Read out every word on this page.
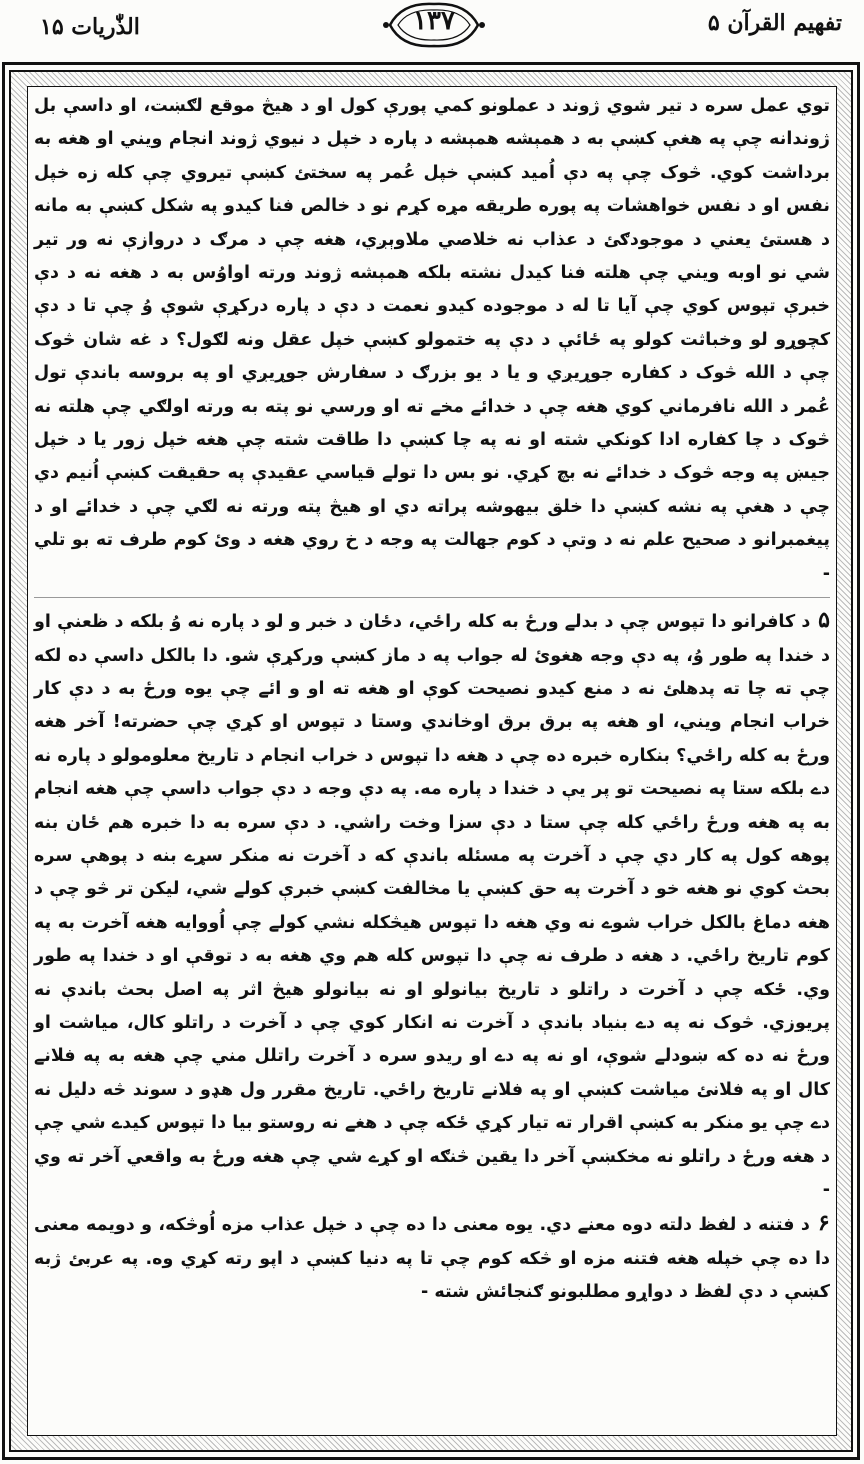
الذّٰريات ۱۵	۱۳۷	تفهيم القرآن ۵

توي عمل سره د تير شوي ژوند د عملونو کمي پورې کول او د هيڅ موقع لګښت، او داسې بل ژوندانه چې په هغې کښې به د همېشه همېشه د پاره د خپل د نيوي ژوند انجام ويني او هغه به برداشت کوي. څوک چې په دې اُميد کښې خپل عُمر په سختئ کښې تيروي چې کله زه خپل نفس او د نفس خواهشات په پوره طريقه مړه کړم نو د خالص فنا کيدو په شکل کښې به مانه د هستئ يعني د موجودګئ د عذاب نه خلاصي ملاوېږي، هغه چې د مرګ د دروازې نه ور تير شي نو اوبه ويني چې هلته فنا کيدل نشته بلکه همېشه ژوند ورته اواوُس به د هغه نه د دې خبرې تپوس کوي چې آيا تا له د موجوده کيدو نعمت د دې د پاره درکړې شوې وُ چې تا د دې کچوړو لو وخباثت کولو په ځائې د دې په ختمولو کښې خپل عقل ونه لګول؟ د غه شان څوک چې د الله څوک د کفاره جوړيږي و يا د يو بزرګ د سفارش جوړيږي او په بروسه باندې تول عُمر د الله نافرماني کوي هغه چې د خدائے مخے ته او ورسي نو پته به ورته اولګي چې هلته نه څوک د چا کفاره ادا کونکي شته او نه په چا کښې دا طاقت شته چې هغه خپل زور يا د خپل جيښ په وجه څوک د خدائے نه بچ کړي. نو بس دا تولے قياسي عقيدې په حقيقت کښې اُنيم دي چې د هغې په نشه کښې دا خلق بيهوشه پراته دي او هيڅ پته ورته نه لګي چې د خدائے او د پيغمبرانو د صحيح علم نه د وتې د کوم جهالت په وجه د خ روي هغه د وئ کوم طرف ته بو تلي -

۵ د کافرانو دا تپوس چې د بدلے ورځ به کله راځي، دځان د خبر و لو د پاره نه وُ بلکه د ظعنې او د خندا په طور وُ، په دې وجه هغوئ له جواب په د ماز کښې ورکړې شو. دا بالکل داسې ده لکه چې ته چا ته پدهلئ نه د منع کيدو نصيحت کوې او هغه ته او و ائے چې يوه ورځ به د دې کار خراب انجام ويني، او هغه په برق برق اوخاندي وستا د تپوس او کړي چې حضرته! آخر هغه ورځ به کله راځي؟ بنکاره خبره ده چې د هغه دا تپوس د خراب انجام د تاريخ معلومولو د پاره نه دے بلکه ستا په نصيحت تو پر يې د خندا د پاره مه. په دې وجه د دې جواب داسې چې هغه انجام به په هغه ورځ راځي کله چې ستا د دې سزا وخت راشي. د دې سره به دا خبره هم ځان بنه پوهه کول په کار دي چې د آخرت په مسئله باندې که د آخرت نه منکر سړے بنه د پوهې سره بحث کوي نو هغه خو د آخرت په حق کښې يا مخالفت کښې خبرې کولے شي، ليکن تر څو چې د هغه دماغ بالکل خراب شوے نه وي هغه دا تپوس هيڅکله نشي کولے چې اُووايه هغه آخرت به په کوم تاريخ راځي. د هغه د طرف نه چې دا تپوس کله هم وي هغه به د توقې او د خندا په طور وي. ځکه چې د آخرت د راتلو د تاريخ بيانولو او نه بيانولو هيڅ اثر په اصل بحث باندې نه پريوزي. څوک نه په دے بنياد باندې د آخرت نه انکار کوي چې د آخرت د راتلو کال، مياشت او ورځ نه ده که ښودلے شوې، او نه په دے او ريدو سره د آخرت راتلل مني چې هغه به په فلانے کال او په فلانئ مياشت کښې او په فلانے تاريخ راځي. تاريخ مقرر ول هډو د سوند څه دليل نه دے چې يو منکر به کښې اقرار ته تيار کړي ځکه چې د هغے نه روستو بيا دا تپوس کيدے شي چې د هغه ورځ د راتلو نه مخکښې آخر دا يقين څنګه او کړے شي چې هغه ورځ به واقعي آخر ته وي -

۶ د فتنه د لفظ دلته دوه معنے دي. يوه معنی دا ده چې د خپل عذاب مزه اُوڅکه، و دويمه معنی دا ده چې خپله هغه فتنه مزه او څکه کوم چې تا په دنيا کښې د اپو رته کړي وه. په عربئ ژبه کښې د دې لفظ د دواړو مطلبونو ګنجائش شته -
